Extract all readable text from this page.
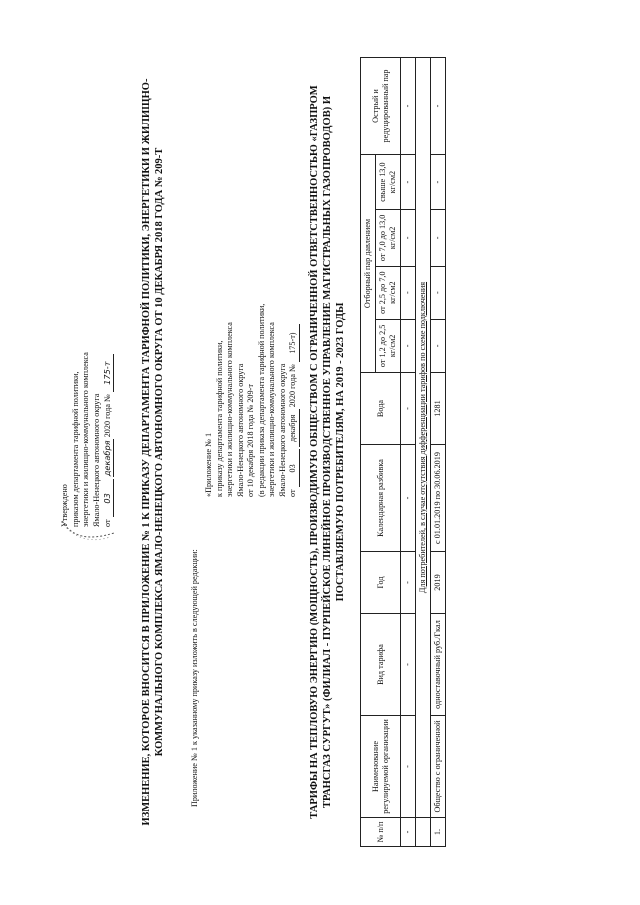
Утверждено приказом департамента тарифной политики, энергетики и жилищно-коммунального комплекса Ямало-Ненецкого автономного округа от 03 декабря 2020 года № 175-т	ИЗМЕНЕНИЕ, КОТОРОЕ ВНОСИТСЯ В ПРИЛОЖЕНИЕ № 1 К ПРИКАЗУ ДЕПАРТАМЕНТА ТАРИФНОЙ ПОЛИТИКИ, ЭНЕРГЕТИКИ И ЖИЛИЩНО-КОММУНАЛЬНОГО КОМПЛЕКСА ЯМАЛО-НЕНЕЦКОГО АВТОНОМНОГО ОКРУГА ОТ 10 ДЕКАБРЯ 2018 ГОДА № 209-Т	Приложение № 1 к указанному приказу изложить в следующей редакции:
«Приложение № 1 к приказу департамента тарифной политики, энергетики и жилищно-коммунального комплекса Ямало-Ненецкого автономного округа от 10 декабря 2018 года № 209-т (в редакции приказа департамента тарифной политики, энергетики и жилищно-коммунального комплекса Ямало-Ненецкого автономного округа от 03 декабря 2020 года № 175-т) ТАРИФЫ НА ТЕПЛОВУЮ ЭНЕРГИЮ (МОЩНОСТЬ), ПРОИЗВОДИМУЮ ОБЩЕСТВОМ С ОГРАНИЧЕННОЙ ОТВЕТСТВЕННОСТЬЮ «ГАЗПРОМ ТРАНСГАЗ СУРГУТ» (ФИЛИАЛ - ПУРПЕЙСКОЕ ЛИНЕЙНОЕ ПРОИЗВОДСТВЕННОЕ УПРАВЛЕНИЕ МАГИСТРАЛЬНЫХ ГАЗОПРОВОДОВ) И ПОСТАВЛЯЕМУЮ ПОТРЕБИТЕЛЯМ, НА 2019 - 2023 ГОДЫ
№ п/п	Наименование регулируемой организации	Вид тарифа	Год	Календарная разбивка	Вода	Отборный пар давлением				Острый и редуцированный пар
						от 1,2 до 2,5 кг/см2	от 2,5 до 7,0 кг/см2	от 7,0 до 13,0 кг/см2	свыше 13,0 кг/см2	
-	-	-	-	-	-	-	-	-	-	-
	Для потребителей, в случае отсутствия дифференциации тарифов по схеме подключения									
1.	Общество с ограниченной	одноставочный руб./Гкал	2019	с 01.01.2019 по 30.06.2019	1281	-	-	-	-	-
